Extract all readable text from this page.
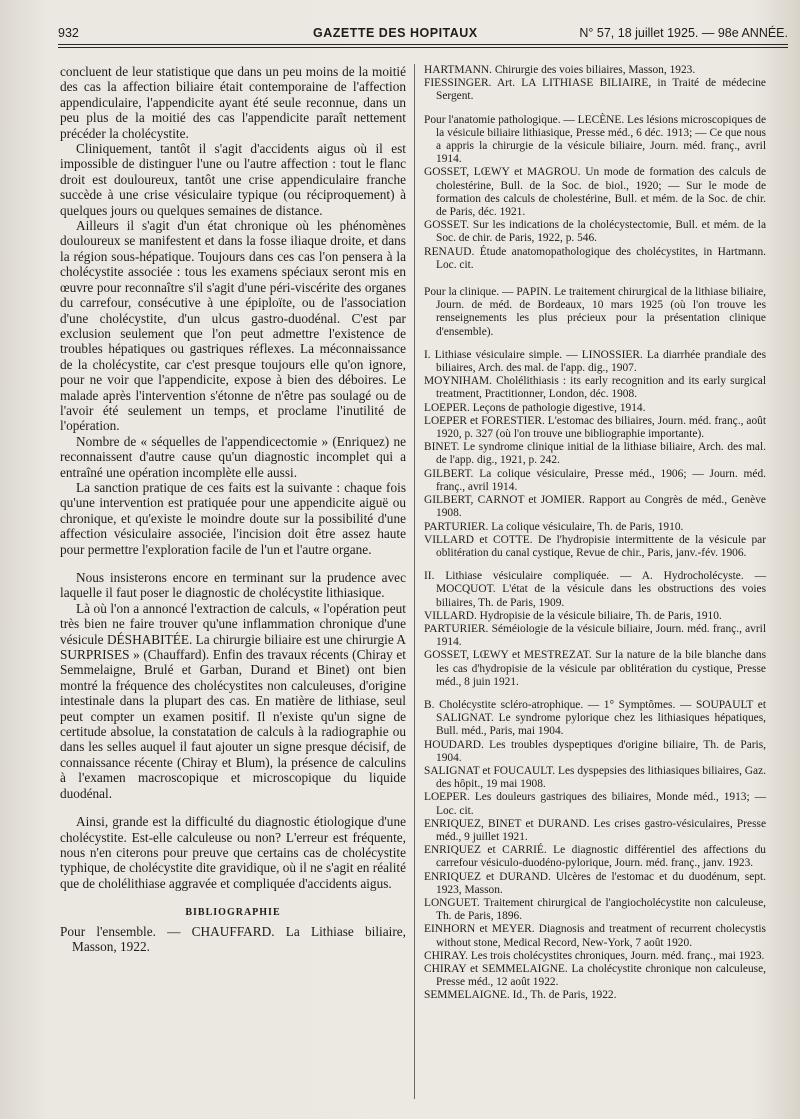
932	GAZETTE DES HOPITAUX	N° 57, 18 juillet 1925. — 98e ANNÉE.

concluent de leur statistique que dans un peu moins de la moitié des cas la affection biliaire était contemporaine de l'affection appendiculaire, l'appendicite ayant été seule reconnue, dans un peu plus de la moitié des cas l'appendicite paraît nettement précéder la cholécystite.

Cliniquement, tantôt il s'agit d'accidents aigus où il est impossible de distinguer l'une ou l'autre affection : tout le flanc droit est douloureux, tantôt une crise appendiculaire franche succède à une crise vésiculaire typique (ou réciproquement) à quelques jours ou quelques semaines de distance.

Ailleurs il s'agit d'un état chronique où les phénomènes douloureux se manifestent et dans la fosse iliaque droite, et dans la région sous-hépatique. Toujours dans ces cas l'on pensera à la cholécystite associée : tous les examens spéciaux seront mis en œuvre pour reconnaître s'il s'agit d'une péri-viscérite des organes du carrefour, consécutive à une épiploïte, ou de l'association d'une cholécystite, d'un ulcus gastro-duodénal. C'est par exclusion seulement que l'on peut admettre l'existence de troubles hépatiques ou gastriques réflexes. La méconnaissance de la cholécystite, car c'est presque toujours elle qu'on ignore, pour ne voir que l'appendicite, expose à bien des déboires. Le malade après l'intervention s'étonne de n'être pas soulagé ou de l'avoir été seulement un temps, et proclame l'inutilité de l'opération.

Nombre de « séquelles de l'appendicectomie » (Enriquez) ne reconnaissent d'autre cause qu'un diagnostic incomplet qui a entraîné une opération incomplète elle aussi.

La sanction pratique de ces faits est la suivante : chaque fois qu'une intervention est pratiquée pour une appendicite aiguë ou chronique, et qu'existe le moindre doute sur la possibilité d'une affection vésiculaire associée, l'incision doit être assez haute pour permettre l'exploration facile de l'un et l'autre organe.

Nous insisterons encore en terminant sur la prudence avec laquelle il faut poser le diagnostic de cholécystite lithiasique.

Là où l'on a annoncé l'extraction de calculs, « l'opération peut très bien ne faire trouver qu'une inflammation chronique d'une vésicule DÉSHABITÉE. La chirurgie biliaire est une chirurgie A SURPRISES » (Chauffard). Enfin des travaux récents (Chiray et Semmelaigne, Brulé et Garban, Durand et Binet) ont bien montré la fréquence des cholécystites non calculeuses, d'origine intestinale dans la plupart des cas. En matière de lithiase, seul peut compter un examen positif. Il n'existe qu'un signe de certitude absolue, la constatation de calculs à la radiographie ou dans les selles auquel il faut ajouter un signe presque décisif, de connaissance récente (Chiray et Blum), la présence de calculins à l'examen macroscopique et microscopique du liquide duodénal.

Ainsi, grande est la difficulté du diagnostic étiologique d'une cholécystite. Est-elle calculeuse ou non? L'erreur est fréquente, nous n'en citerons pour preuve que certains cas de cholécystite typhique, de cholécystite dite gravidique, où il ne s'agit en réalité que de cholélithiase aggravée et compliquée d'accidents aigus.

BIBLIOGRAPHIE

Pour l'ensemble. — CHAUFFARD. La Lithiase biliaire, Masson, 1922.

HARTMANN. Chirurgie des voies biliaires, Masson, 1923.

FIESSINGER. Art. LA LITHIASE BILIAIRE, in Traité de médecine Sergent.

Pour l'anatomie pathologique. — LECÈNE. Les lésions microscopiques de la vésicule biliaire lithiasique, Presse méd., 6 déc. 1913; — Ce que nous a appris la chirurgie de la vésicule biliaire, Journ. méd. franç., avril 1914.

GOSSET, LŒWY et MAGROU. Un mode de formation des calculs de cholestérine, Bull. de la Soc. de biol., 1920; — Sur le mode de formation des calculs de cholestérine, Bull. et mém. de la Soc. de chir. de Paris, déc. 1921.

GOSSET. Sur les indications de la cholécystectomie, Bull. et mém. de la Soc. de chir. de Paris, 1922, p. 546.

RENAUD. Étude anatomopathologique des cholécystites, in Hartmann. Loc. cit.

Pour la clinique. — PAPIN. Le traitement chirurgical de la lithiase biliaire, Journ. de méd. de Bordeaux, 10 mars 1925 (où l'on trouve les renseignements les plus précieux pour la présentation clinique d'ensemble).

I. Lithiase vésiculaire simple. — LINOSSIER. La diarrhée prandiale des biliaires, Arch. des mal. de l'app. dig., 1907.

MOYNIHAM. Cholélithiasis : its early recognition and its early surgical treatment, Practitionner, London, déc. 1908.

LOEPER. Leçons de pathologie digestive, 1914.

LOEPER et FORESTIER. L'estomac des biliaires, Journ. méd. franç., août 1920, p. 327 (où l'on trouve une bibliographie importante).

BINET. Le syndrome clinique initial de la lithiase biliaire, Arch. des mal. de l'app. dig., 1921, p. 242.

GILBERT. La colique vésiculaire, Presse méd., 1906; — Journ. méd. franç., avril 1914.

GILBERT, CARNOT et JOMIER. Rapport au Congrès de méd., Genève 1908.

PARTURIER. La colique vésiculaire, Th. de Paris, 1910.

VILLARD et COTTE. De l'hydropisie intermittente de la vésicule par oblitération du canal cystique, Revue de chir., Paris, janv.-fév. 1906.

II. Lithiase vésiculaire compliquée. — A. Hydrocholécyste. — MOCQUOT. L'état de la vésicule dans les obstructions des voies biliaires, Th. de Paris, 1909.

VILLARD. Hydropisie de la vésicule biliaire, Th. de Paris, 1910.

PARTURIER. Séméiologie de la vésicule biliaire, Journ. méd. franç., avril 1914.

GOSSET, LŒWY et MESTREZAT. Sur la nature de la bile blanche dans les cas d'hydropisie de la vésicule par oblitération du cystique, Presse méd., 8 juin 1921.

B. Cholécystite scléro-atrophique. — 1° Symptômes. — SOUPAULT et SALIGNAT. Le syndrome pylorique chez les lithiasiques hépatiques, Bull. méd., Paris, mai 1904.

HOUDARD. Les troubles dyspeptiques d'origine biliaire, Th. de Paris, 1904.

SALIGNAT et FOUCAULT. Les dyspepsies des lithiasiques biliaires, Gaz. des hôpit., 19 mai 1908.

LOEPER. Les douleurs gastriques des biliaires, Monde méd., 1913; — Loc. cit.

ENRIQUEZ, BINET et DURAND. Les crises gastro-vésiculaires, Presse méd., 9 juillet 1921.

ENRIQUEZ et CARRIÉ. Le diagnostic différentiel des affections du carrefour vésiculo-duodéno-pylorique, Journ. méd. franç., janv. 1923.

ENRIQUEZ et DURAND. Ulcères de l'estomac et du duodénum, sept. 1923, Masson.

LONGUET. Traitement chirurgical de l'angiocholécystite non calculeuse, Th. de Paris, 1896.

EINHORN et MEYER. Diagnosis and treatment of recurrent cholecystis without stone, Medical Record, New-York, 7 août 1920.

CHIRAY. Les trois cholécystites chroniques, Journ. méd. franç., mai 1923.

CHIRAY et SEMMELAIGNE. La cholécystite chronique non calculeuse, Presse méd., 12 août 1922.

SEMMELAIGNE. Id., Th. de Paris, 1922.
